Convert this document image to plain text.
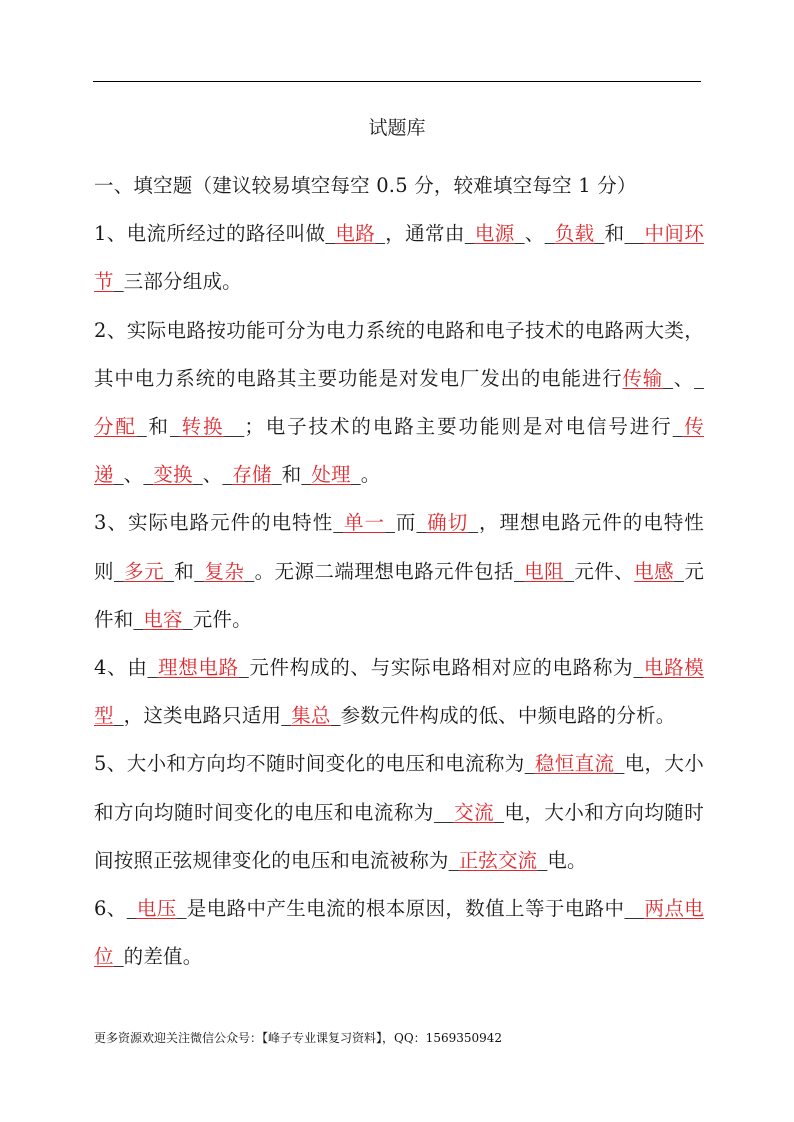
试题库

一、填空题（建议较易填空每空 0.5 分，较难填空每空 1 分）

1、电流所经过的路径叫做  电路  ，通常由  电源  、  负载  和   中间环节  三部分组成。

2、实际电路按功能可分为电力系统的电路和电子技术的电路两大类，其中电力系统的电路其主要功能是对发电厂发出的电能进行传输  、 分配  和  转换   ；电子技术的电路主要功能则是对电信号进行  传递  、  变换  、  存储  和  处理  。

3、实际电路元件的电特性  单一  而  确切  ，理想电路元件的电特性则  多元  和  复杂  。无源二端理想电路元件包括  电阻  元件、电感  元件和  电容  元件。

4、由  理想电路  元件构成的、与实际电路相对应的电路称为  电路模型  ，这类电路只适用  集总  参数元件构成的低、中频电路的分析。

5、大小和方向均不随时间变化的电压和电流称为  稳恒直流  电，大小和方向均随时间变化的电压和电流称为   交流  电，大小和方向均随时间按照正弦规律变化的电压和电流被称为  正弦交流  电。

6、  电压  是电路中产生电流的根本原因，数值上等于电路中   两点电位  的差值。

更多资源欢迎关注微信公众号：【峰子专业课复习资料】，QQ：1569350942
